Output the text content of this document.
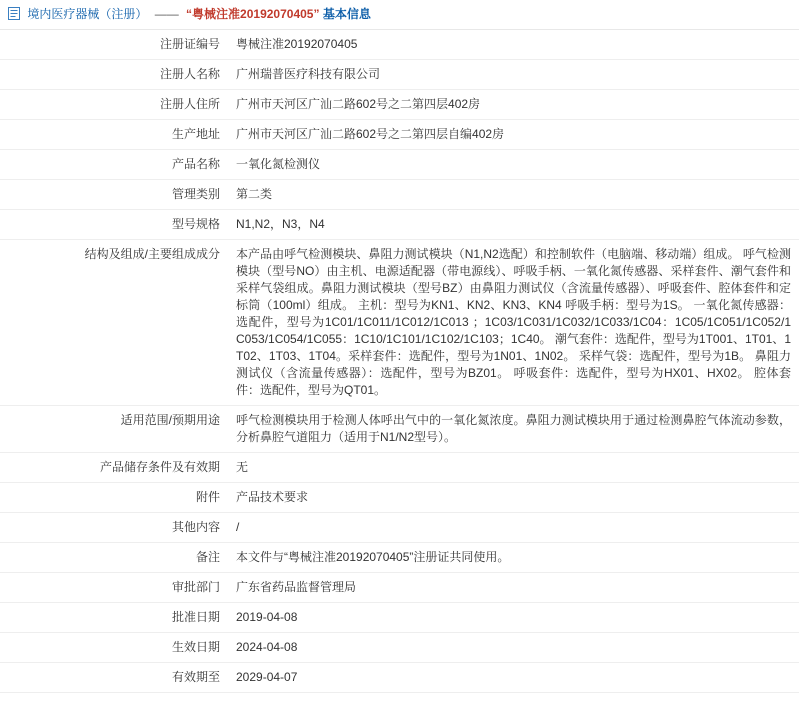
境内医疗器械（注册） —— “粤械注准20192070405” 基本信息
注册证编号	粤械注准20192070405
注册人名称	广州瑞普医疗科技有限公司
注册人住所	广州市天河区广汕二路602号之二第四层402房
生产地址	广州市天河区广汕二路602号之二第四层自编402房
产品名称	一氧化氮检测仪
管理类别	第二类
型号规格	N1,N2，N3，N4
结构及组成/主要组成成分	本产品由呼气检测模块、鼻阻力测试模块（N1,N2选配）和控制软件（电脑端、移动端）组成。 呼气检测模块（型号NO）由主机、电源适配器（带电源线）、呼吸手柄、一氧化氮传感器、采样套件、潮气套件和采样气袋组成。鼻阻力测试模块（型号BZ）由鼻阻力测试仪（含流量传感器）、呼吸套件、腔体套件和定标筒（100ml）组成。 主机：型号为KN1、KN2、KN3、KN4 呼吸手柄：型号为1S。 一氧化氮传感器：选配件，型号为1C01/1C011/1C012/1C013 ；1C03/1C031/1C032/1C033/1C04：1C05/1C051/1C052/1C053/1C054/1C055：1C10/1C101/1C102/1C103；1C40。 潮气套件：选配件，型号为1T001、1T01、1T02、1T03、1T04。采样套件：选配件，型号为1N01、1N02。 采样气袋：选配件，型号为1B。 鼻阻力测试仪（含流量传感器）：选配件，型号为BZ01。 呼吸套件：选配件，型号为HX01、HX02。 腔体套件：选配件，型号为QT01。
适用范围/预期用途	呼气检测模块用于检测人体呼出气中的一氧化氮浓度。鼻阻力测试模块用于通过检测鼻腔气体流动参数，分析鼻腔气道阻力（适用于N1/N2型号）。
产品储存条件及有效期	无
附件	产品技术要求
其他内容	/
备注	本文件与“粤械注准20192070405”注册证共同使用。
审批部门	广东省药品监督管理局
批准日期	2019-04-08
生效日期	2024-04-08
有效期至	2029-04-07
